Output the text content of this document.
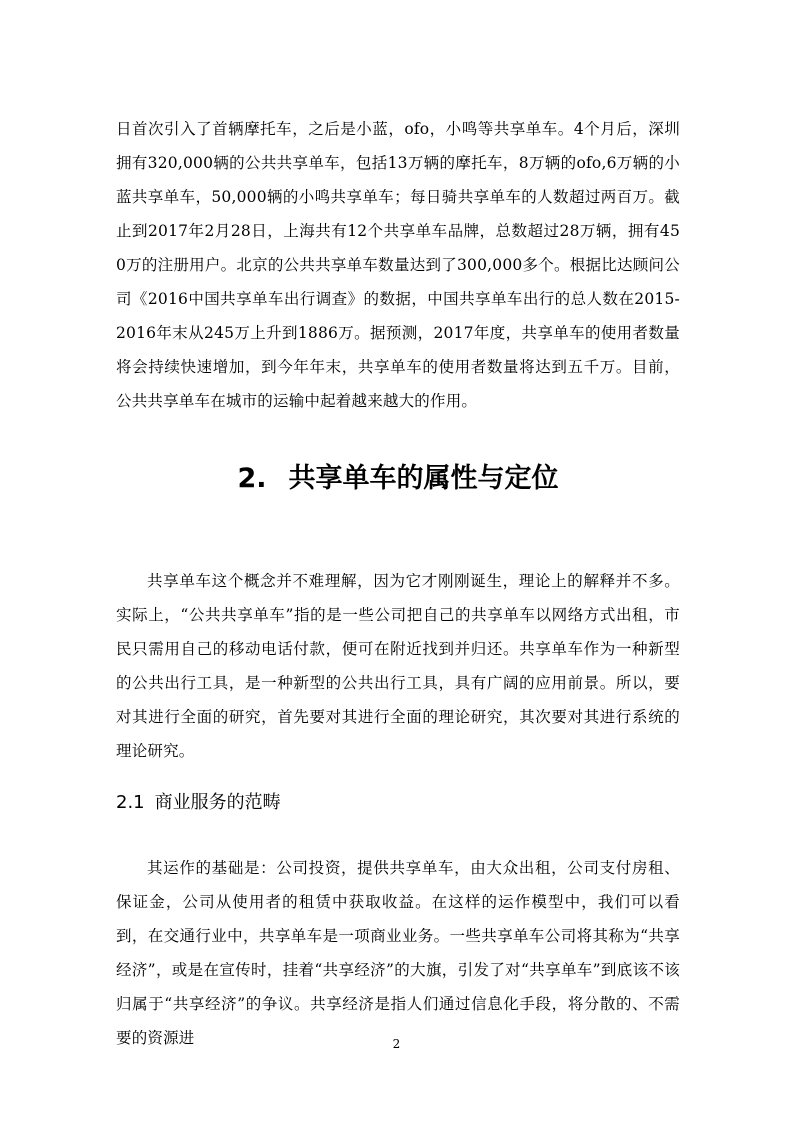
日首次引入了首辆摩托车，之后是小蓝，ofo，小鸣等共享单车。4个月后，深圳拥有320,000辆的公共共享单车，包括13万辆的摩托车，8万辆的ofo,6万辆的小蓝共享单车，50,000辆的小鸣共享单车；每日骑共享单车的人数超过两百万。截止到2017年2月28日，上海共有12个共享单车品牌，总数超过28万辆，拥有450万的注册用户。北京的公共共享单车数量达到了300,000多个。根据比达顾问公司《2016中国共享单车出行调查》的数据，中国共享单车出行的总人数在2015-2016年末从245万上升到1886万。据预测，2017年度，共享单车的使用者数量将会持续快速增加，到今年年末，共享单车的使用者数量将达到五千万。目前，公共共享单车在城市的运输中起着越来越大的作用。

2. 共享单车的属性与定位

共享单车这个概念并不难理解，因为它才刚刚诞生，理论上的解释并不多。实际上，“公共共享单车”指的是一些公司把自己的共享单车以网络方式出租，市民只需用自己的移动电话付款，便可在附近找到并归还。共享单车作为一种新型的公共出行工具，是一种新型的公共出行工具，具有广阔的应用前景。所以，要对其进行全面的研究，首先要对其进行全面的理论研究，其次要对其进行系统的理论研究。

2.1 商业服务的范畴

其运作的基础是：公司投资，提供共享单车，由大众出租，公司支付房租、保证金，公司从使用者的租赁中获取收益。在这样的运作模型中，我们可以看到，在交通行业中，共享单车是一项商业业务。一些共享单车公司将其称为“共享经济”，或是在宣传时，挂着“共享经济”的大旗，引发了对“共享单车”到底该不该归属于“共享经济”的争议。共享经济是指人们通过信息化手段，将分散的、不需要的资源进	2
